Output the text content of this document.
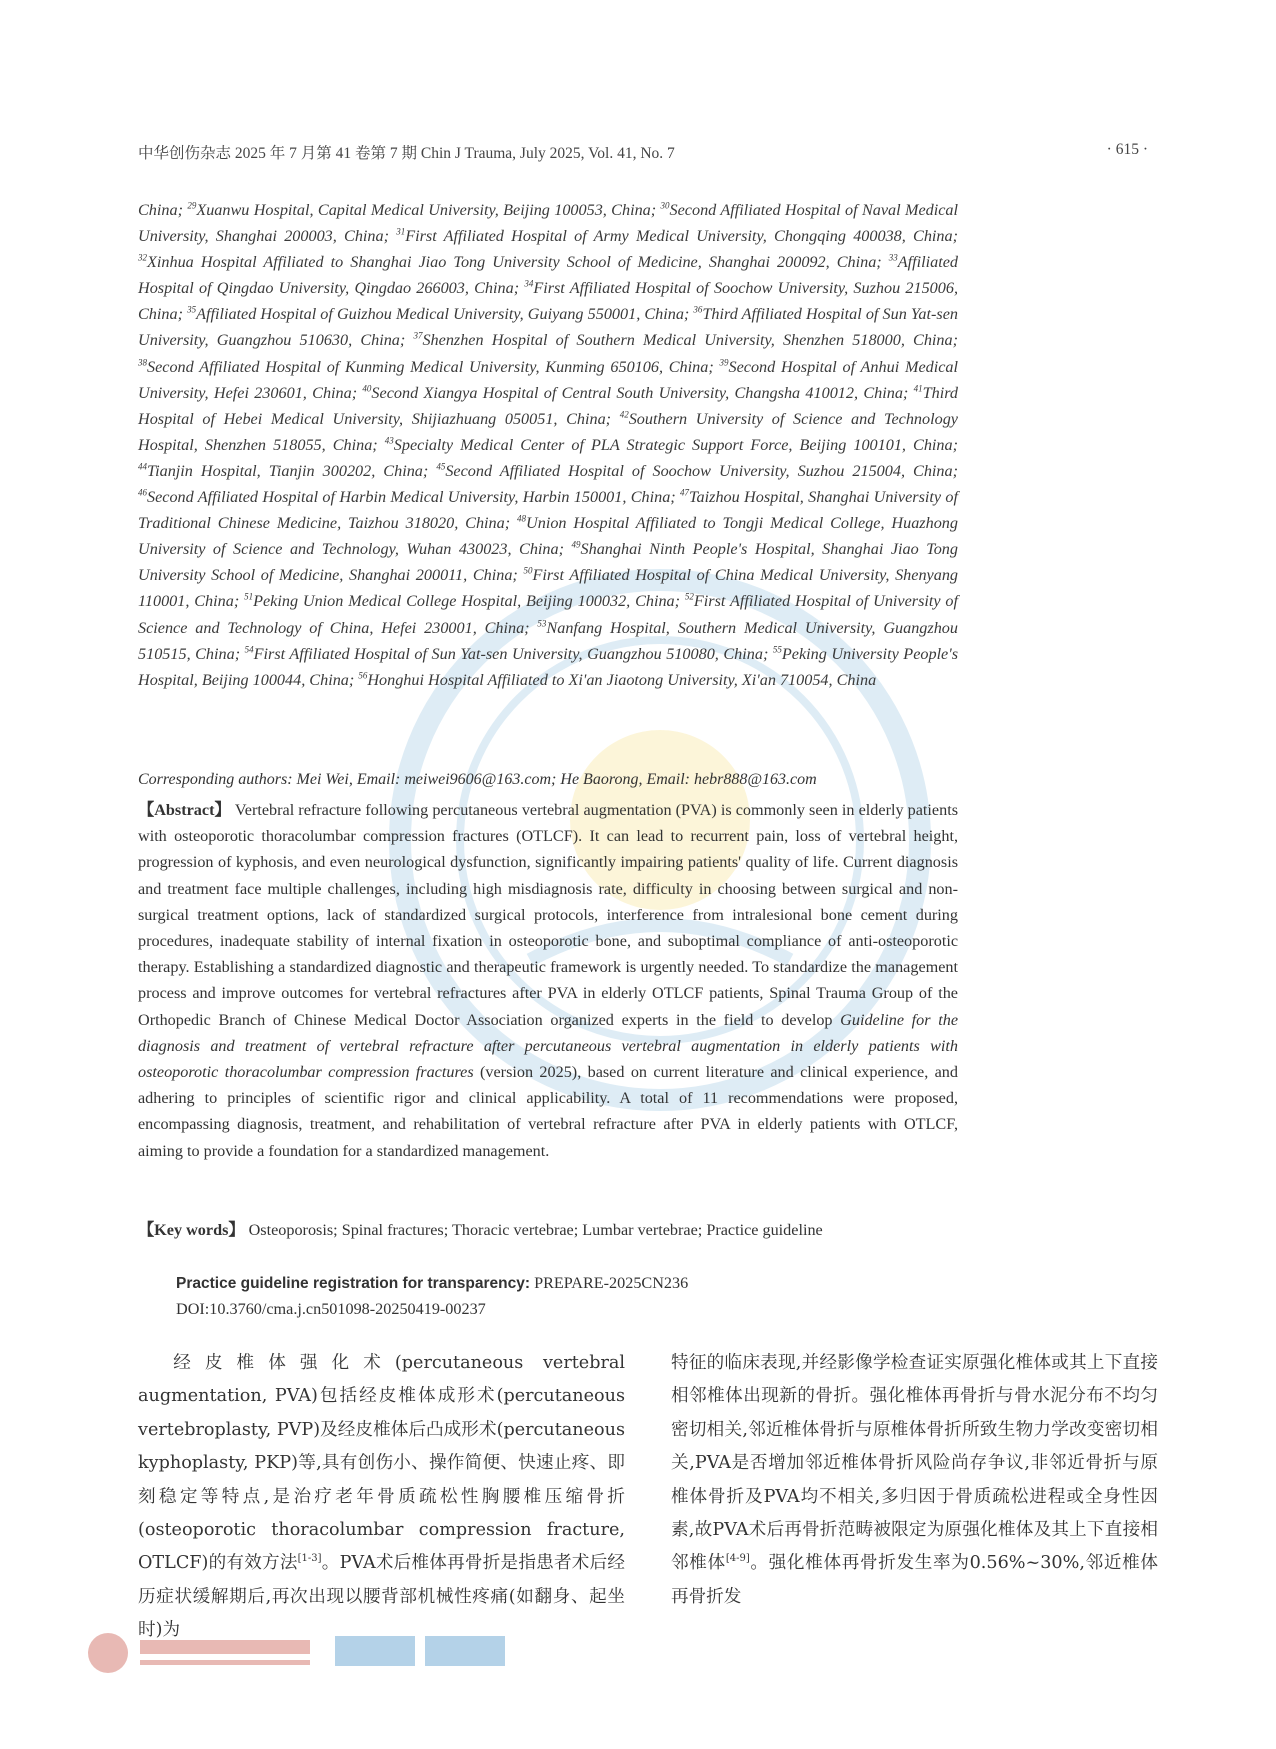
中华创伤杂志 2025 年 7 月第 41 卷第 7 期 Chin J Trauma, July 2025, Vol. 41, No. 7	· 615 ·
China; $^{29}$Xuanwu Hospital, Capital Medical University, Beijing 100053, China; $^{30}$Second Affiliated Hospital of Naval Medical University, Shanghai 200003, China; $^{31}$First Affiliated Hospital of Army Medical University, Chongqing 400038, China; $^{32}$Xinhua Hospital Affiliated to Shanghai Jiao Tong University School of Medicine, Shanghai 200092, China; $^{33}$Affiliated Hospital of Qingdao University, Qingdao 266003, China; $^{34}$First Affiliated Hospital of Soochow University, Suzhou 215006, China; $^{35}$Affiliated Hospital of Guizhou Medical University, Guiyang 550001, China; $^{36}$Third Affiliated Hospital of Sun Yat-sen University, Guangzhou 510630, China; $^{37}$Shenzhen Hospital of Southern Medical University, Shenzhen 518000, China; $^{38}$Second Affiliated Hospital of Kunming Medical University, Kunming 650106, China; $^{39}$Second Hospital of Anhui Medical University, Hefei 230601, China; $^{40}$Second Xiangya Hospital of Central South University, Changsha 410012, China; $^{41}$Third Hospital of Hebei Medical University, Shijiazhuang 050051, China; $^{42}$Southern University of Science and Technology Hospital, Shenzhen 518055, China; $^{43}$Specialty Medical Center of PLA Strategic Support Force, Beijing 100101, China; $^{44}$Tianjin Hospital, Tianjin 300202, China; $^{45}$Second Affiliated Hospital of Soochow University, Suzhou 215004, China; $^{46}$Second Affiliated Hospital of Harbin Medical University, Harbin 150001, China; $^{47}$Taizhou Hospital, Shanghai University of Traditional Chinese Medicine, Taizhou 318020, China; $^{48}$Union Hospital Affiliated to Tongji Medical College, Huazhong University of Science and Technology, Wuhan 430023, China; $^{49}$Shanghai Ninth People's Hospital, Shanghai Jiao Tong University School of Medicine, Shanghai 200011, China; $^{50}$First Affiliated Hospital of China Medical University, Shenyang 110001, China; $^{51}$Peking Union Medical College Hospital, Beijing 100032, China; $^{52}$First Affiliated Hospital of University of Science and Technology of China, Hefei 230001, China; $^{53}$Nanfang Hospital, Southern Medical University, Guangzhou 510515, China; $^{54}$First Affiliated Hospital of Sun Yat-sen University, Guangzhou 510080, China; $^{55}$Peking University People's Hospital, Beijing 100044, China; $^{56}$Honghui Hospital Affiliated to Xi'an Jiaotong University, Xi'an 710054, China
Corresponding authors: Mei Wei, Email: meiwei9606@163.com; He Baorong, Email: hebr888@163.com
【Abstract】 Vertebral refracture following percutaneous vertebral augmentation (PVA) is commonly seen in elderly patients with osteoporotic thoracolumbar compression fractures (OTLCF). It can lead to recurrent pain, loss of vertebral height, progression of kyphosis, and even neurological dysfunction, significantly impairing patients' quality of life. Current diagnosis and treatment face multiple challenges, including high misdiagnosis rate, difficulty in choosing between surgical and non-surgical treatment options, lack of standardized surgical protocols, interference from intralesional bone cement during procedures, inadequate stability of internal fixation in osteoporotic bone, and suboptimal compliance of anti-osteoporotic therapy. Establishing a standardized diagnostic and therapeutic framework is urgently needed. To standardize the management process and improve outcomes for vertebral refractures after PVA in elderly OTLCF patients, Spinal Trauma Group of the Orthopedic Branch of Chinese Medical Doctor Association organized experts in the field to develop Guideline for the diagnosis and treatment of vertebral refracture after percutaneous vertebral augmentation in elderly patients with osteoporotic thoracolumbar compression fractures (version 2025), based on current literature and clinical experience, and adhering to principles of scientific rigor and clinical applicability. A total of 11 recommendations were proposed, encompassing diagnosis, treatment, and rehabilitation of vertebral refracture after PVA in elderly patients with OTLCF, aiming to provide a foundation for a standardized management.
【Key words】 Osteoporosis; Spinal fractures; Thoracic vertebrae; Lumbar vertebrae; Practice guideline
Practice guideline registration for transparency: PREPARE-2025CN236
DOI:10.3760/cma.j.cn501098-20250419-00237
经皮椎体强化术(percutaneous vertebral augmentation, PVA)包括经皮椎体成形术(percutaneous vertebroplasty, PVP)及经皮椎体后凸成形术(percutaneous kyphoplasty, PKP)等,具有创伤小、操作简便、快速止疼、即刻稳定等特点,是治疗老年骨质疏松性胸腰椎压缩骨折(osteoporotic thoracolumbar compression fracture, OTLCF)的有效方法[1-3]。PVA术后椎体再骨折是指患者术后经历症状缓解期后,再次出现以腰背部机械性疼痛(如翻身、起坐时)为
特征的临床表现,并经影像学检查证实原强化椎体或其上下直接相邻椎体出现新的骨折。强化椎体再骨折与骨水泥分布不均匀密切相关,邻近椎体骨折与原椎体骨折所致生物力学改变密切相关,PVA是否增加邻近椎体骨折风险尚存争议,非邻近骨折与原椎体骨折及PVA均不相关,多归因于骨质疏松进程或全身性因素,故PVA术后再骨折范畴被限定为原强化椎体及其上下直接相邻椎体[4-9]。强化椎体再骨折发生率为0.56%~30%,邻近椎体再骨折发
